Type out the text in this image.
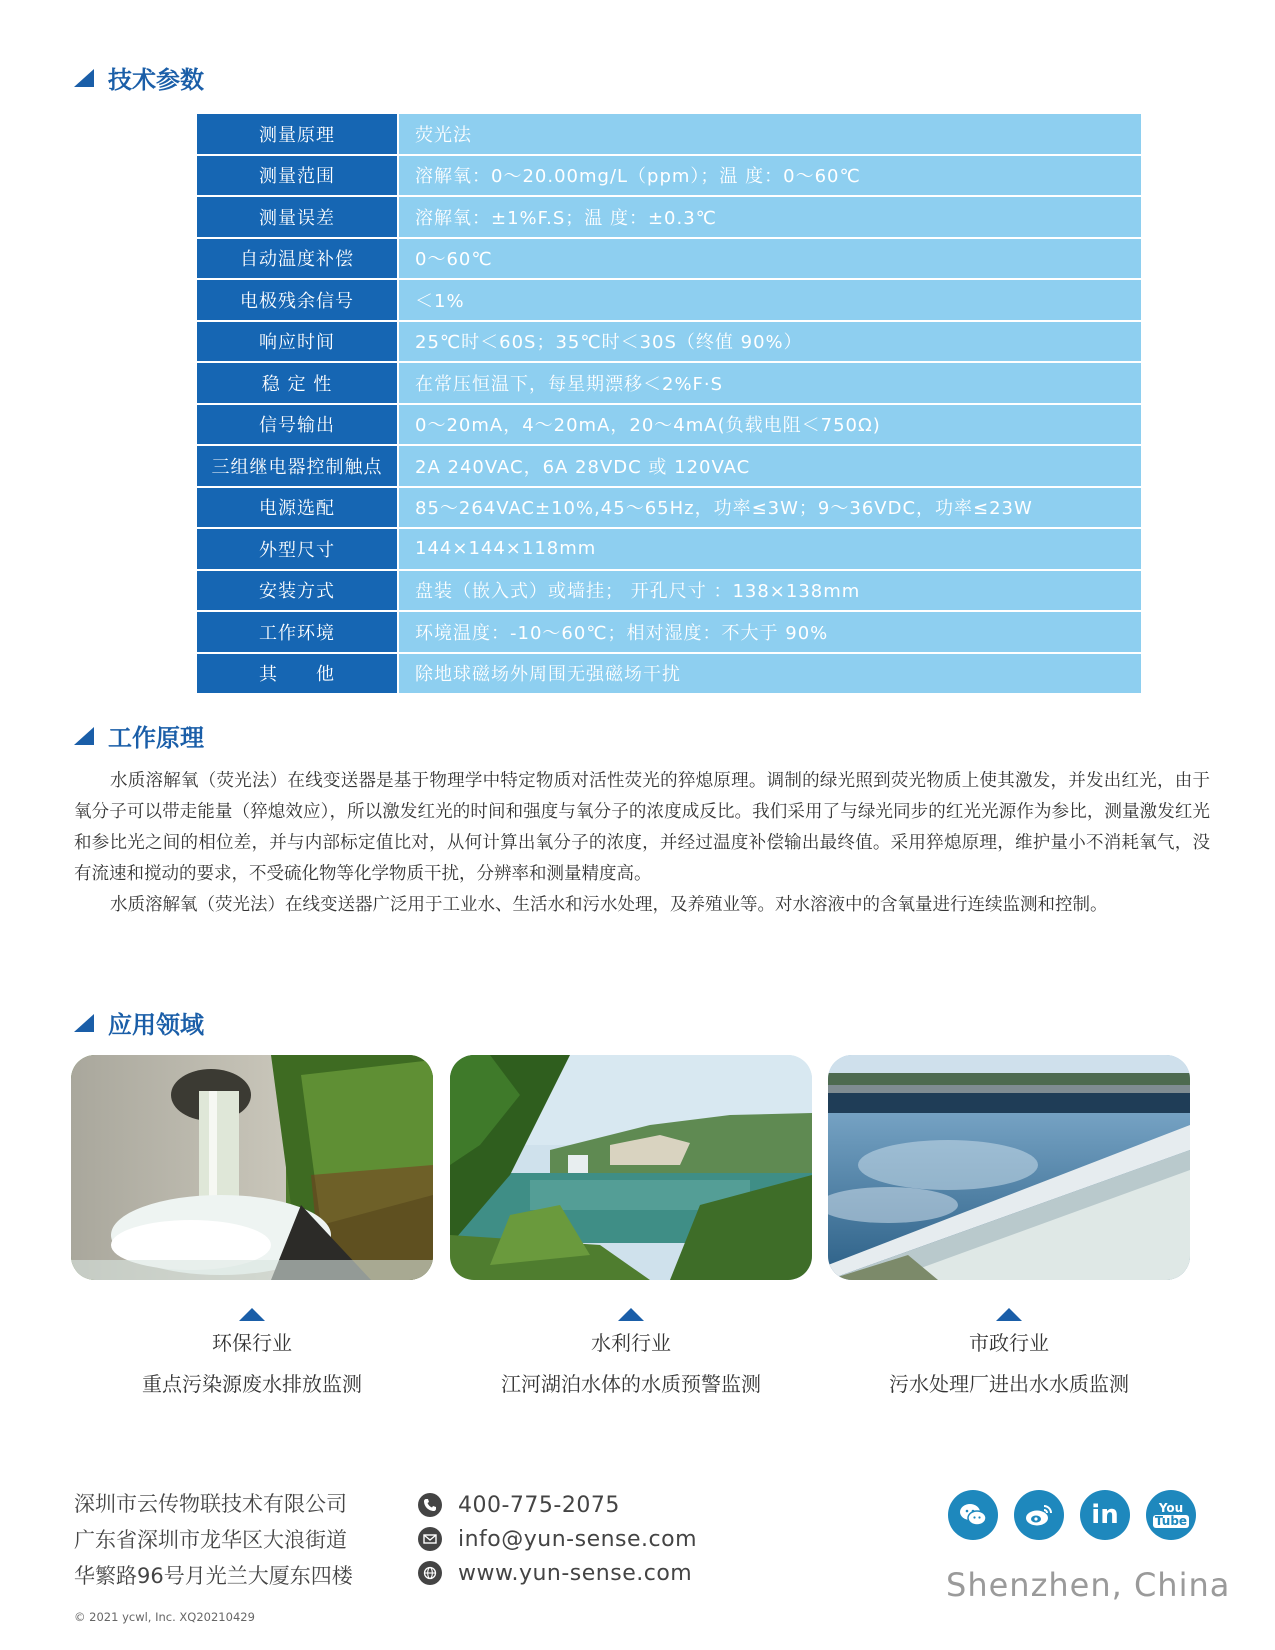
技术参数
测量原理	荧光法
测量范围	溶解氧：0～20.00mg/L（ppm）；温 度：0～60℃
测量误差	溶解氧：±1%F.S；温 度：±0.3℃
自动温度补偿	0～60℃
电极残余信号	＜1%
响应时间	25℃时＜60S；35℃时＜30S（终值 90%）
稳 定 性	在常压恒温下，每星期漂移＜2%F·S
信号输出	0～20mA，4～20mA，20～4mA(负载电阻＜750Ω)
三组继电器控制触点	2A 240VAC，6A 28VDC 或 120VAC
电源选配	85～264VAC±10%,45～65Hz，功率≤3W；9～36VDC，功率≤23W
外型尺寸	144×144×118mm
安装方式	盘装（嵌入式）或墙挂； 开孔尺寸 ：138×138mm
工作环境	环境温度：-10～60℃；相对湿度：不大于 90%
其　　他	除地球磁场外周围无强磁场干扰
工作原理

水质溶解氧（荧光法）在线变送器是基于物理学中特定物质对活性荧光的猝熄原理。调制的绿光照到荧光物质上使其激发，并发出红光，由于氧分子可以带走能量（猝熄效应），所以激发红光的时间和强度与氧分子的浓度成反比。我们采用了与绿光同步的红光光源作为参比，测量激发红光和参比光之间的相位差，并与内部标定值比对，从何计算出氧分子的浓度，并经过温度补偿输出最终值。采用猝熄原理，维护量小不消耗氧气，没有流速和搅动的要求，不受硫化物等化学物质干扰，分辨率和测量精度高。

水质溶解氧（荧光法）在线变送器广泛用于工业水、生活水和污水处理，及养殖业等。对水溶液中的含氧量进行连续监测和控制。

应用领域
环保行业
重点污染源废水排放监测
水利行业
江河湖泊水体的水质预警监测
市政行业
污水处理厂进出水水质监测
深圳市云传物联技术有限公司
广东省深圳市龙华区大浪街道
华繁路96号月光兰大厦东四楼
400-775-2075
info@yun-sense.com
www.yun-sense.com
in	You
Tube
Shenzhen, China
© 2021 ycwl, Inc. XQ20210429
